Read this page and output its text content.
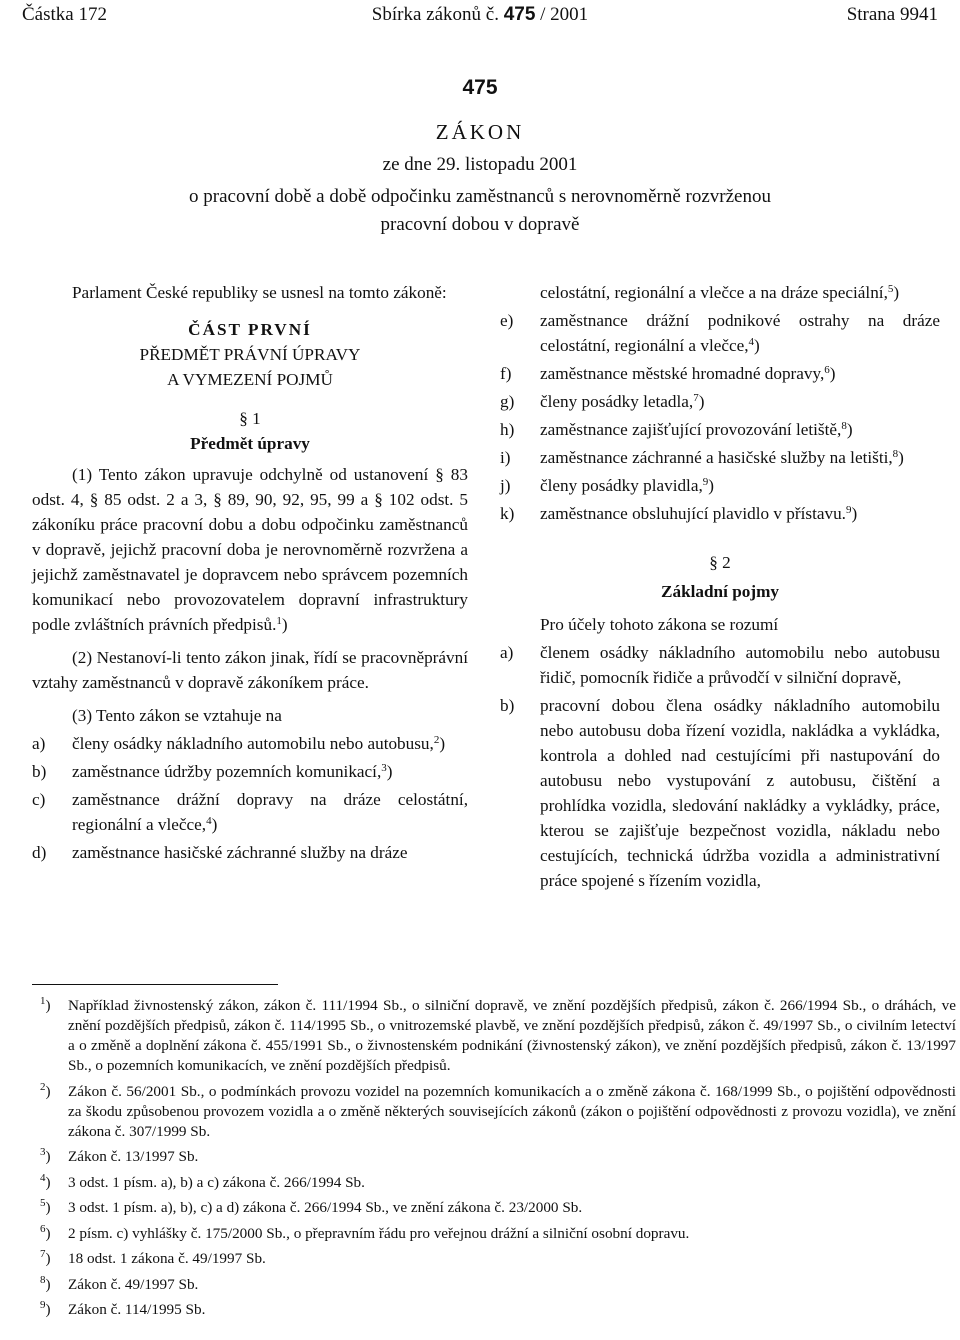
Částka 172	Sbírka zákonů č. 475 / 2001	Strana 9941
475
ZÁKON
ze dne 29. listopadu 2001
o pracovní době a době odpočinku zaměstnanců s nerovnoměrně rozvrženou
pracovní dobou v dopravě
Parlament České republiky se usnesl na tomto zákoně:
ČÁST PRVNÍ
PŘEDMĚT PRÁVNÍ ÚPRAVY
A VYMEZENÍ POJMŮ
§ 1
Předmět úpravy
(1) Tento zákon upravuje odchylně od ustanovení § 83 odst. 4, § 85 odst. 2 a 3, § 89, 90, 92, 95, 99 a § 102 odst. 5 zákoníku práce pracovní dobu a dobu odpočinku zaměstnanců v dopravě, jejichž pracovní doba je nerovnoměrně rozvržena a jejichž zaměstnavatel je dopravcem nebo správcem pozemních komunikací nebo provozovatelem dopravní infrastruktury podle zvláštních právních předpisů.$^1$)
(2) Nestanoví-li tento zákon jinak, řídí se pracovněprávní vztahy zaměstnanců v dopravě zákoníkem práce.
(3) Tento zákon se vztahuje na
a) členy osádky nákladního automobilu nebo autobusu,$^2$)
b) zaměstnance údržby pozemních komunikací,$^3$)
c) zaměstnance drážní dopravy na dráze celostátní, regionální a vlečce,$^4$)
d) zaměstnance hasičské záchranné služby na dráze
celostátní, regionální a vlečce a na dráze speciální,$^5$)
e) zaměstnance drážní podnikové ostrahy na dráze celostátní, regionální a vlečce,$^4$)
f) zaměstnance městské hromadné dopravy,$^6$)
g) členy posádky letadla,$^7$)
h) zaměstnance zajišťující provozování letiště,$^8$)
i) zaměstnance záchranné a hasičské služby na letišti,$^8$)
j) členy posádky plavidla,$^9$)
k) zaměstnance obsluhující plavidlo v přístavu.$^9$)
§ 2
Základní pojmy
Pro účely tohoto zákona se rozumí
a) členem osádky nákladního automobilu nebo autobusu řidič, pomocník řidiče a průvodčí v silniční dopravě,
b) pracovní dobou člena osádky nákladního automobilu nebo autobusu doba řízení vozidla, nakládka a vykládka, kontrola a dohled nad cestujícími při nastupování do autobusu nebo vystupování z autobusu, čištění a prohlídka vozidla, sledování nakládky a vykládky, práce, kterou se zajišťuje bezpečnost vozidla, nákladu nebo cestujících, technická údržba vozidla a administrativní práce spojené s řízením vozidla,
$^1$) Například živnostenský zákon, zákon č. 111/1994 Sb., o silniční dopravě, ve znění pozdějších předpisů, zákon č. 266/1994 Sb., o dráhách, ve znění pozdějších předpisů, zákon č. 114/1995 Sb., o vnitrozemské plavbě, ve znění pozdějších předpisů, zákon č. 49/1997 Sb., o civilním letectví a o změně a doplnění zákona č. 455/1991 Sb., o živnostenském podnikání (živnostenský zákon), ve znění pozdějších předpisů, zákon č. 13/1997 Sb., o pozemních komunikacích, ve znění pozdějších předpisů.
$^2$) Zákon č. 56/2001 Sb., o podmínkách provozu vozidel na pozemních komunikacích a o změně zákona č. 168/1999 Sb., o pojištění odpovědnosti za škodu způsobenou provozem vozidla a o změně některých souvisejících zákonů (zákon o pojištění odpovědnosti z provozu vozidla), ve znění zákona č. 307/1999 Sb.
$^3$) Zákon č. 13/1997 Sb.
$^4$) 3 odst. 1 písm. a), b) a c) zákona č. 266/1994 Sb.
$^5$) 3 odst. 1 písm. a), b), c) a d) zákona č. 266/1994 Sb., ve znění zákona č. 23/2000 Sb.
$^6$) 2 písm. c) vyhlášky č. 175/2000 Sb., o přepravním řádu pro veřejnou drážní a silniční osobní dopravu.
$^7$) 18 odst. 1 zákona č. 49/1997 Sb.
$^8$) Zákon č. 49/1997 Sb.
$^9$) Zákon č. 114/1995 Sb.
